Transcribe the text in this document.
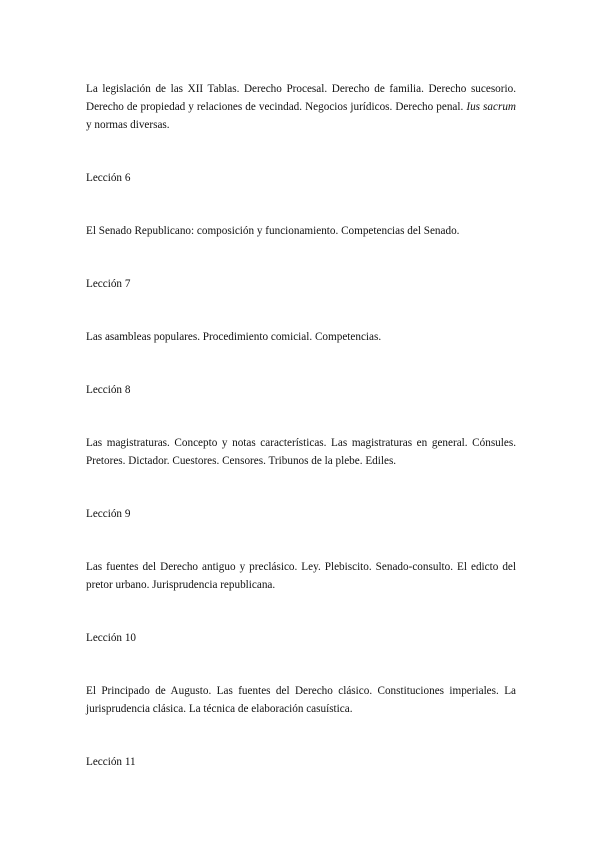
La legislación de las XII Tablas. Derecho Procesal. Derecho de familia. Derecho sucesorio. Derecho de propiedad y relaciones de vecindad. Negocios jurídicos. Derecho penal. Ius sacrum y normas diversas.

Lección 6

El Senado Republicano: composición y funcionamiento. Competencias del Senado.

Lección 7

Las asambleas populares. Procedimiento comicial. Competencias.

Lección 8

Las magistraturas. Concepto y notas características. Las magistraturas en general. Cónsules. Pretores. Dictador. Cuestores. Censores. Tribunos de la plebe. Ediles.

Lección 9

Las fuentes del Derecho antiguo y preclásico. Ley. Plebiscito. Senado-consulto. El edicto del pretor urbano. Jurisprudencia republicana.

Lección 10

El Principado de Augusto. Las fuentes del Derecho clásico. Constituciones imperiales. La jurisprudencia clásica. La técnica de elaboración casuística.

Lección 11
